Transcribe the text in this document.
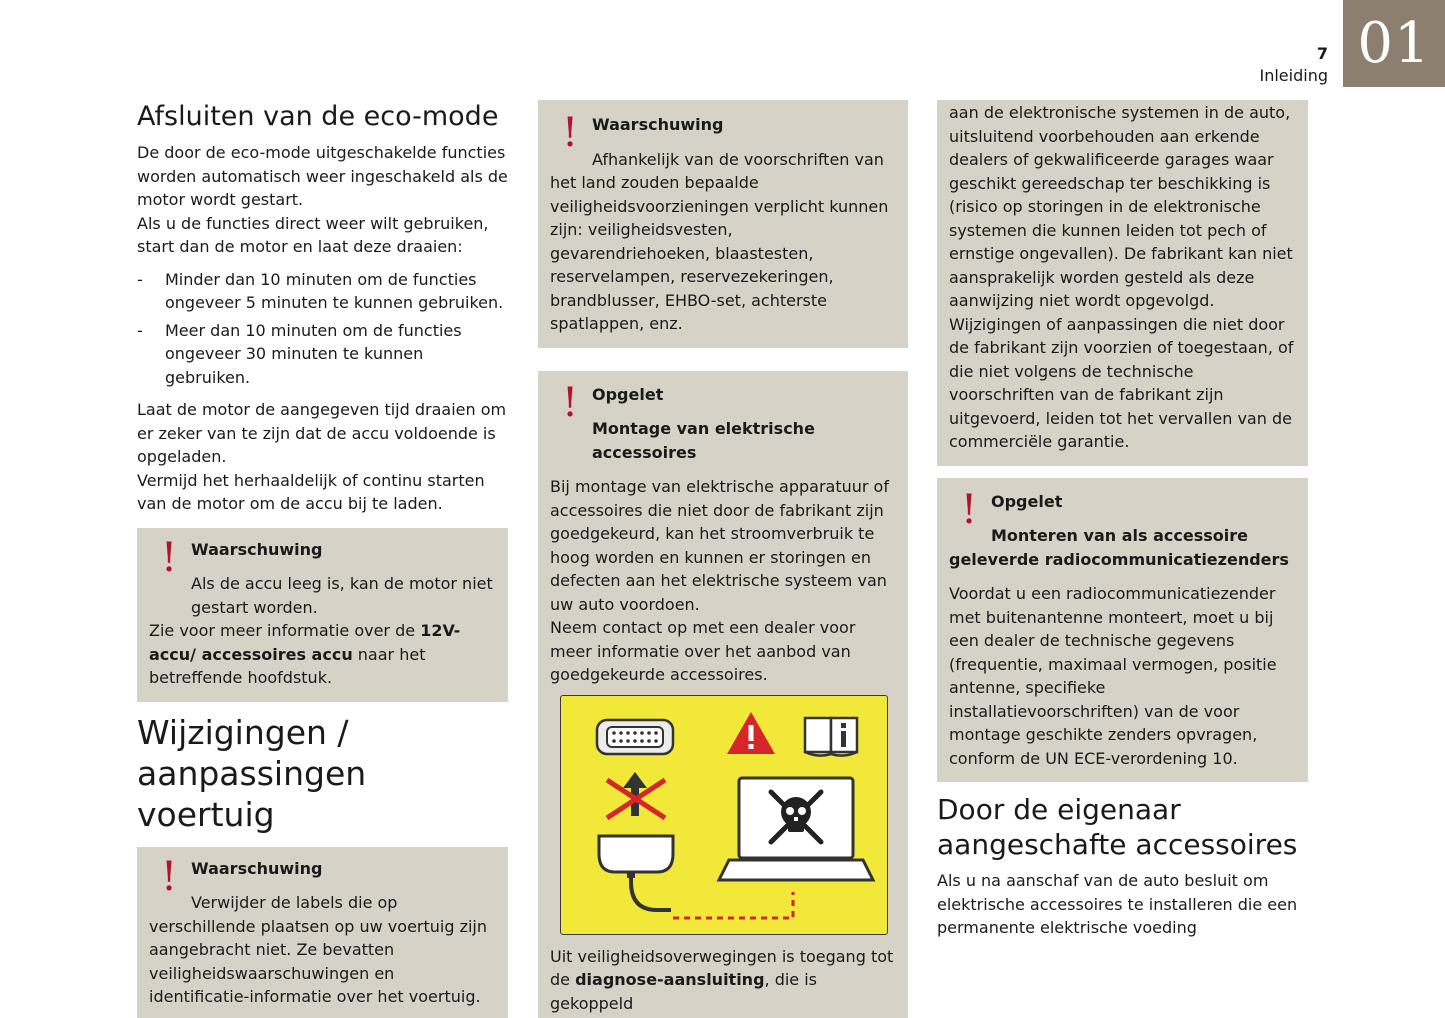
01
7
Inleiding
Afsluiten van de eco-mode

De door de eco-mode uitgeschakelde functies worden automatisch weer ingeschakeld als de motor wordt gestart.

Als u de functies direct weer wilt gebruiken, start dan de motor en laat deze draaien:

- Minder dan 10 minuten om de functies ongeveer 5 minuten te kunnen gebruiken.
- Meer dan 10 minuten om de functies ongeveer 30 minuten te kunnen gebruiken.

Laat de motor de aangegeven tijd draaien om er zeker van te zijn dat de accu voldoende is opgeladen.

Vermijd het herhaaldelijk of continu starten van de motor om de accu bij te laden.

! Waarschuwing

Als de accu leeg is, kan de motor niet gestart worden.

Zie voor meer informatie over de 12V-accu/ accessoires accu naar het betreffende hoofdstuk.

Wijzigingen / aanpassingen voertuig
! Waarschuwing

Verwijder de labels die op verschillende plaatsen op uw voertuig zijn aangebracht niet. Ze bevatten veiligheidswaarschuwingen en identificatie-informatie over het voertuig.

! Waarschuwing

Afhankelijk van de voorschriften van het land zouden bepaalde veiligheidsvoorzieningen verplicht kunnen zijn: veiligheidsvesten, gevarendriehoeken, blaastesten, reservelampen, reservezekeringen, brandblusser, EHBO-set, achterste spatlappen, enz.

! Opgelet
Montage van elektrische accessoires

Bij montage van elektrische apparatuur of accessoires die niet door de fabrikant zijn goedgekeurd, kan het stroomverbruik te hoog worden en kunnen er storingen en defecten aan het elektrische systeem van uw auto voordoen.

Neem contact op met een dealer voor meer informatie over het aanbod van goedgekeurde accessoires.

Uit veiligheidsoverwegingen is toegang tot de diagnose-aansluiting, die is gekoppeld

aan de elektronische systemen in de auto, uitsluitend voorbehouden aan erkende dealers of gekwalificeerde garages waar geschikt gereedschap ter beschikking is (risico op storingen in de elektronische systemen die kunnen leiden tot pech of ernstige ongevallen). De fabrikant kan niet aansprakelijk worden gesteld als deze aanwijzing niet wordt opgevolgd.

Wijzigingen of aanpassingen die niet door de fabrikant zijn voorzien of toegestaan, of die niet volgens de technische voorschriften van de fabrikant zijn uitgevoerd, leiden tot het vervallen van de commerciële garantie.

! Opgelet
Monteren van als accessoire geleverde radiocommunicatiezenders

Voordat u een radiocommunicatiezender met buitenantenne monteert, moet u bij een dealer de technische gegevens (frequentie, maximaal vermogen, positie antenne, specifieke installatievoorschriften) van de voor montage geschikte zenders opvragen, conform de UN ECE-verordening 10.

Door de eigenaar aangeschafte accessoires

Als u na aanschaf van de auto besluit om elektrische accessoires te installeren die een permanente elektrische voeding
